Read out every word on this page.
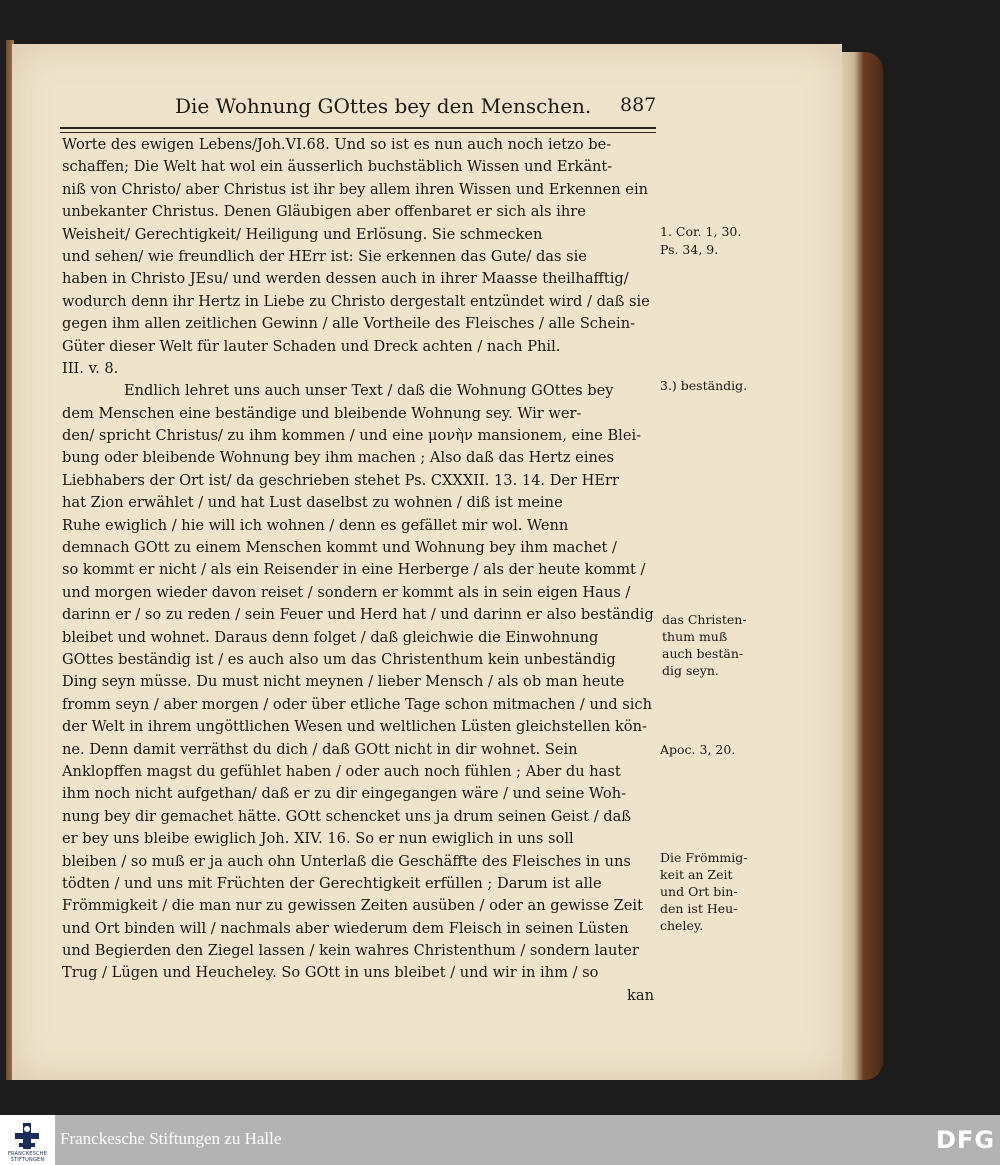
Die Wohnung GOttes bey den Menschen. 887
Worte des ewigen Lebens/Joh.VI.68. Und so ist es nun auch noch ietzo be-
schaffen; Die Welt hat wol ein äusserlich buchstäblich Wissen und Erkänt-
niß von Christo/ aber Christus ist ihr bey allem ihren Wissen und Erkennen ein
unbekanter Christus. Denen Gläubigen aber offenbaret er sich als ihre
Weisheit/ Gerechtigkeit/ Heiligung und Erlösung. Sie schmecken
und sehen/ wie freundlich der HErr ist: Sie erkennen das Gute/ das sie
haben in Christo JEsu/ und werden dessen auch in ihrer Maasse theilhafftig/
wodurch denn ihr Hertz in Liebe zu Christo dergestalt entzündet wird / daß sie
gegen ihm allen zeitlichen Gewinn / alle Vortheile des Fleisches / alle Schein-
Güter dieser Welt für lauter Schaden und Dreck achten / nach Phil.
III. v. 8.
Endlich lehret uns auch unser Text / daß die Wohnung GOttes bey
dem Menschen eine beständige und bleibende Wohnung sey. Wir wer-
den/ spricht Christus/ zu ihm kommen / und eine μονὴν mansionem, eine Blei-
bung oder bleibende Wohnung bey ihm machen ; Also daß das Hertz eines
Liebhabers der Ort ist/ da geschrieben stehet Ps. CXXXII. 13. 14. Der HErr
hat Zion erwählet / und hat Lust daselbst zu wohnen / diß ist meine
Ruhe ewiglich / hie will ich wohnen / denn es gefället mir wol. Wenn
demnach GOtt zu einem Menschen kommt und Wohnung bey ihm machet /
so kommt er nicht / als ein Reisender in eine Herberge / als der heute kommt /
und morgen wieder davon reiset / sondern er kommt als in sein eigen Haus /
darinn er / so zu reden / sein Feuer und Herd hat / und darinn er also beständig
bleibet und wohnet. Daraus denn folget / daß gleichwie die Einwohnung
GOttes beständig ist / es auch also um das Christenthum kein unbeständig
Ding seyn müsse. Du must nicht meynen / lieber Mensch / als ob man heute
fromm seyn / aber morgen / oder über etliche Tage schon mitmachen / und sich
der Welt in ihrem ungöttlichen Wesen und weltlichen Lüsten gleichstellen kön-
ne. Denn damit verräthst du dich / daß GOtt nicht in dir wohnet. Sein
Anklopffen magst du gefühlet haben / oder auch noch fühlen ; Aber du hast
ihm noch nicht aufgethan/ daß er zu dir eingegangen wäre / und seine Woh-
nung bey dir gemachet hätte. GOtt schencket uns ja drum seinen Geist / daß
er bey uns bleibe ewiglich Joh. XIV. 16. So er nun ewiglich in uns soll
bleiben / so muß er ja auch ohn Unterlaß die Geschäffte des Fleisches in uns
tödten / und uns mit Früchten der Gerechtigkeit erfüllen ; Darum ist alle
Frömmigkeit / die man nur zu gewissen Zeiten ausüben / oder an gewisse Zeit
und Ort binden will / nachmals aber wiederum dem Fleisch in seinen Lüsten
und Begierden den Ziegel lassen / kein wahres Christenthum / sondern lauter
Trug / Lügen und Heucheley. So GOtt in uns bleibet / und wir in ihm / so
kan
1. Cor. 1, 30.
Ps. 34, 9.
3.) beständig.
das Christen-
thum muß
auch bestän-
dig seyn.
Apoc. 3, 20.
Die Frömmig-
keit an Zeit
und Ort bin-
den ist Heu-
cheley.
FRANCKESCHE STIFTUNGEN
Franckesche Stiftungen zu Halle	DFG
